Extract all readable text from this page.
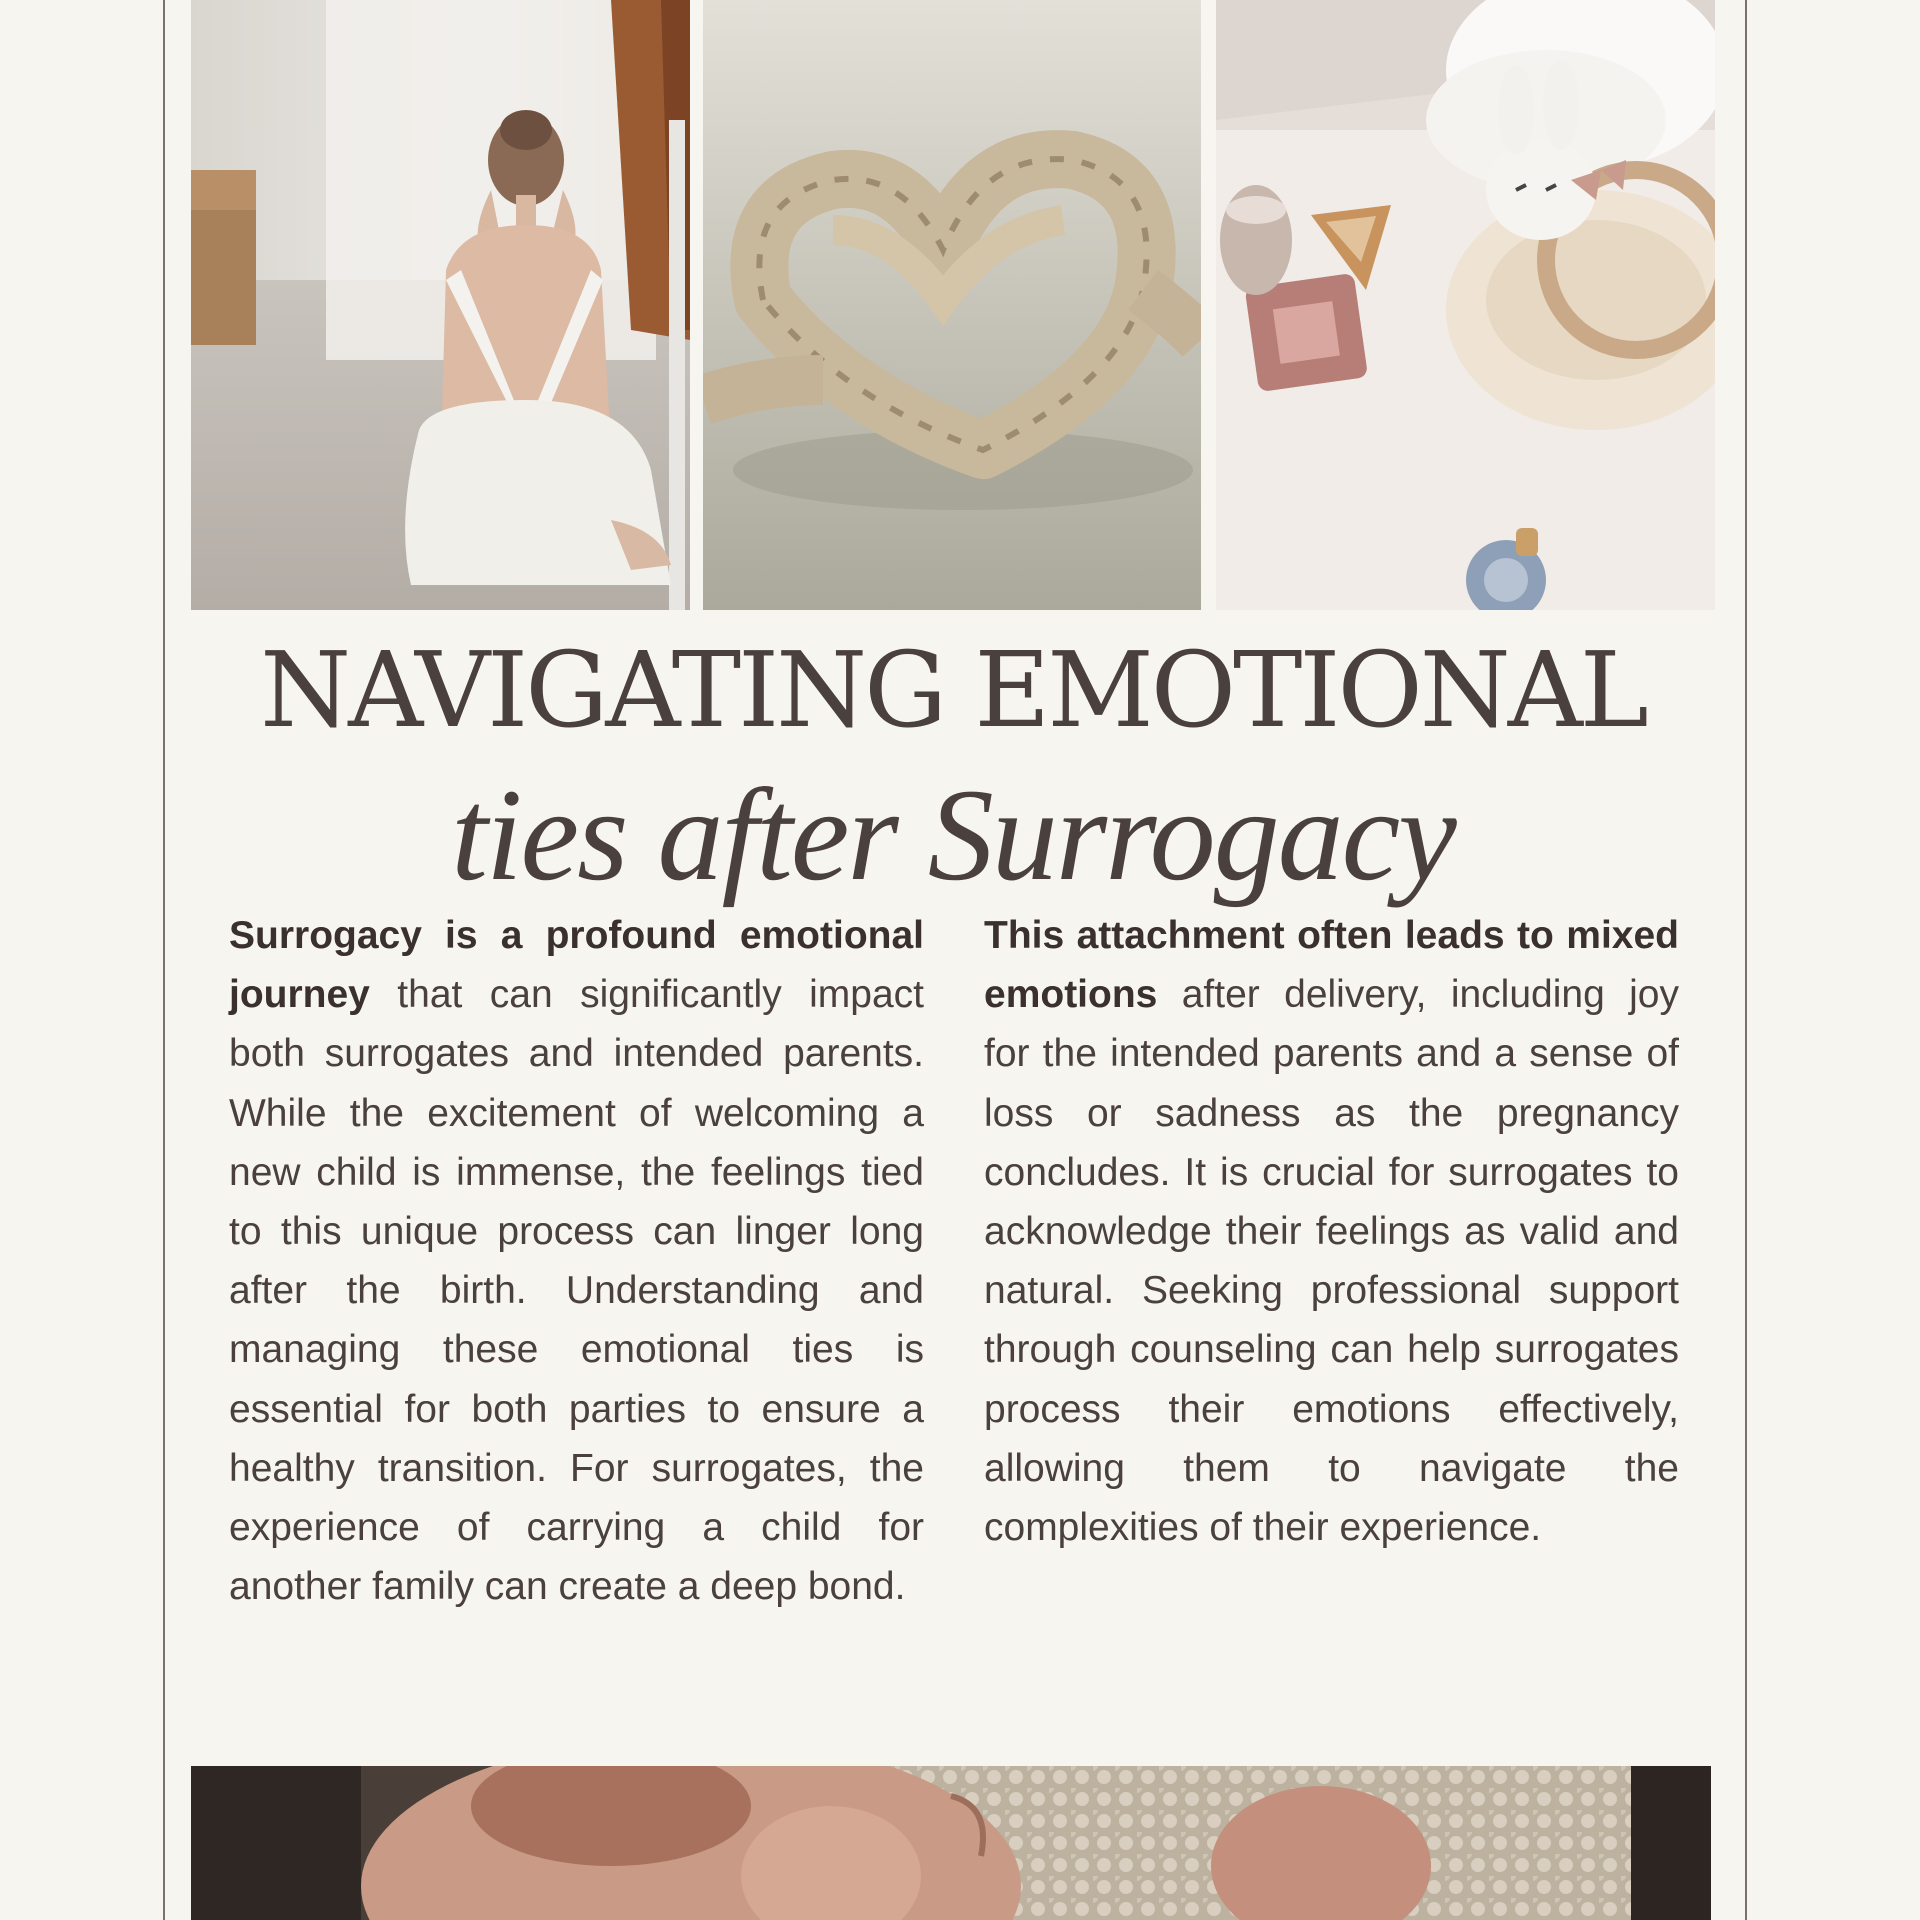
NAVIGATING EMOTIONAL

ties after Surrogacy

Surrogacy is a profound emotional journey that can significantly impact both surrogates and intended parents. While the excitement of welcoming a new child is immense, the feelings tied to this unique process can linger long after the birth. Understanding and managing these emotional ties is essential for both parties to ensure a healthy transition. For surrogates, the experience of carrying a child for another family can create a deep bond.

This attachment often leads to mixed emotions after delivery, including joy for the intended parents and a sense of loss or sadness as the pregnancy concludes. It is crucial for surrogates to acknowledge their feelings as valid and natural. Seeking professional support through counseling can help surrogates process their emotions effectively, allowing them to navigate the complexities of their experience.
